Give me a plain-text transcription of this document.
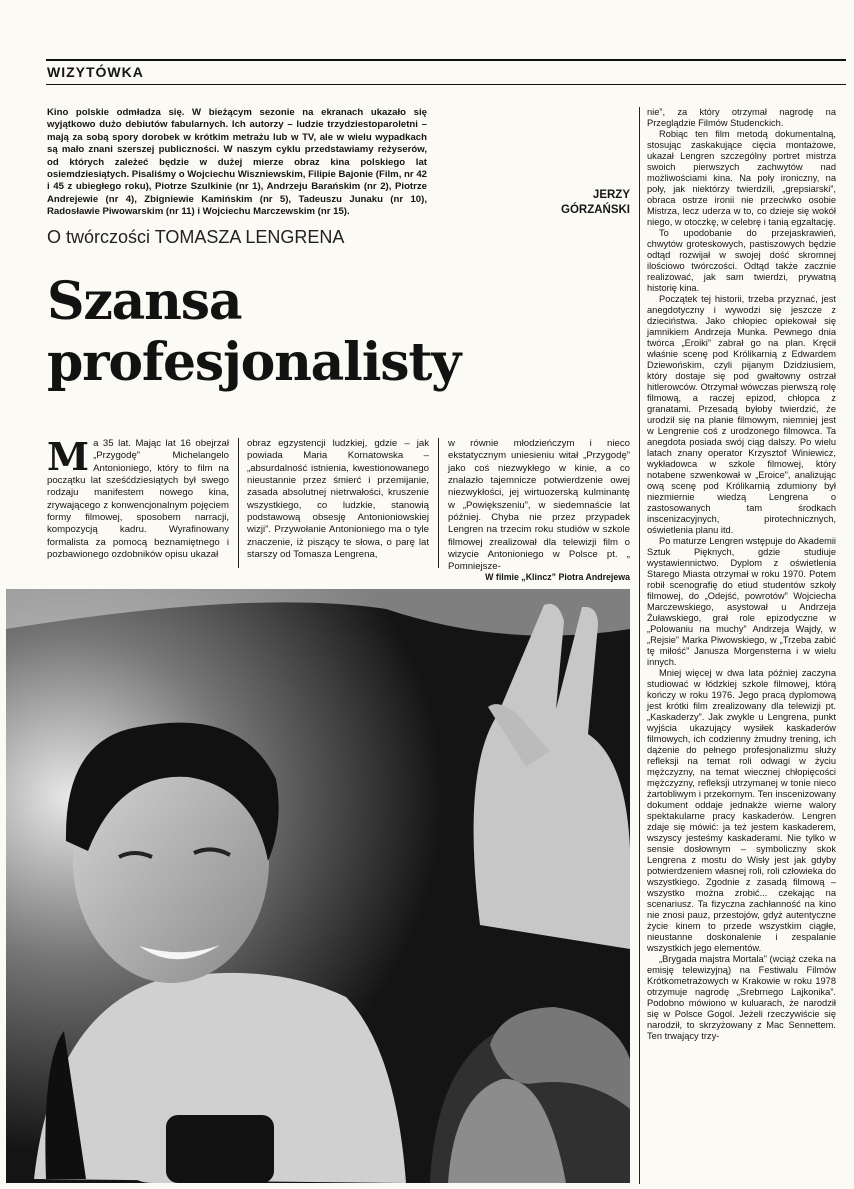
WIZYTÓWKA

Kino polskie odmładza się. W bieżącym sezonie na ekranach ukazało się wyjątkowo dużo debiutów fabularnych. Ich autorzy – ludzie trzydziestoparoletni – mają za sobą spory dorobek w krótkim metrażu lub w TV, ale w wielu wypadkach są mało znani szerszej publiczności. W naszym cyklu przedstawiamy reżyserów, od których zależeć będzie w dużej mierze obraz kina polskiego lat osiemdziesiątych. Pisaliśmy o Wojciechu Wiszniewskim, Filipie Bajonie (Film, nr 42 i 45 z ubiegłego roku), Piotrze Szulkinie (nr 1), Andrzeju Barańskim (nr 2), Piotrze Andrejewie (nr 4), Zbigniewie Kamińskim (nr 5), Tadeuszu Junaku (nr 10), Radosławie Piwowarskim (nr 11) i Wojciechu Marczewskim (nr 15).

JERZY
GÓRZAŃSKI

O twórczości TOMASZA LENGRENA

Szansa
profesjonalisty

Ma 35 lat. Mając lat 16 obejrzał „Przygodę” Michelangelo Antonioniego, który to film na początku lat sześćdziesiątych był swego rodzaju manifestem nowego kina, zrywającego z konwencjonalnym pojęciem formy filmowej, sposobem narracji, kompozycją kadru. Wyrafinowany formalista za pomocą beznamiętnego i pozbawionego ozdobników opisu ukazał

obraz egzystencji ludzkiej, gdzie – jak powiada Maria Kornatowska – „absurdalność istnienia, kwestionowanego nieustannie przez śmierć i przemijanie, zasada absolutnej nietrwałości, kruszenie wszystkiego, co ludzkie, stanowią podstawową obsesję Antonioniowskiej wizji”. Przywołanie Antonioniego ma o tyle znaczenie, iż piszący te słowa, o parę lat starszy od Tomasza Lengrena,

w równie młodzieńczym i nieco ekstatycznym uniesieniu witał „Przygodę” jako coś niezwykłego w kinie, a co znalazło tajemnicze potwierdzenie owej niezwykłości, jej wirtuozerską kulminantę w „Powiększeniu”, w siedemnaście lat później. Chyba nie przez przypadek Lengren na trzecim roku studiów w szkole filmowej zrealizował dla telewizji film o wizycie Antonioniego w Polsce pt. „ Pomniejsze-

W filmie „Klincz” Piotra Andrejewa

nie”, za który otrzymał nagrodę na Przeglądzie Filmów Studenckich.

Robiąc ten film metodą dokumentalną, stosując zaskakujące cięcia montażowe, ukazał Lengren szczególny portret mistrza swoich pierwszych zachwytów nad możliwościami kina. Na poły ironiczny, na poły, jak niektórzy twierdzili, „grepsiarski”, obraca ostrze ironii nie przeciwko osobie Mistrza, lecz uderza w to, co dzieje się wokół niego, w otoczkę, w celebrę i tanią egzaltację.

To upodobanie do przejaskrawień, chwytów groteskowych, pastiszowych będzie odtąd rozwijał w swojej dość skromnej ilościowo twórczości. Odtąd także zacznie realizować, jak sam twierdzi, prywatną historię kina.

Początek tej historii, trzeba przyznać, jest anegdotyczny i wywodzi się jeszcze z dzieciństwa. Jako chłopiec opiekował się jamnikiem Andrzeja Munka. Pewnego dnia twórca „Eroiki” zabrał go na plan. Kręcił właśnie scenę pod Królikarnią z Edwardem Dziewońskim, czyli pijanym Dzidziusiem, który dostaje się pod gwałtowny ostrzał hitlerowców. Otrzymał wówczas pierwszą rolę filmową, a raczej epizod, chłopca z granatami. Przesadą byłoby twierdzić, że urodził się na planie filmowym, niemniej jest w Lengrenie coś z urodzonego filmowca. Ta anegdota posiada swój ciąg dalszy. Po wielu latach znany operator Krzysztof Winiewicz, wykładowca w szkole filmowej, który notabene szwenkował w „Eroice”, analizując ową scenę pod Królikarnią zdumiony był niezmiernie wiedzą Lengrena o zastosowanych tam środkach inscenizacyjnych, pirotechnicznych, oświetlenia planu itd.

Po maturze Lengren wstępuje do Akademii Sztuk Pięknych, gdzie studiuje wystawiennictwo. Dyplom z oświetlenia Starego Miasta otrzymał w roku 1970. Potem robił scenografię do etiud studentów szkoły filmowej, do „Odejść, powrotów” Wojciecha Marczewskiego, asystował u Andrzeja Żuławskiego, grał role epizodyczne w „Polowaniu na muchy” Andrzeja Wajdy, w „Rejsie” Marka Piwowskiego, w „Trzeba zabić tę miłość” Janusza Morgensterna i w wielu innych.

Mniej więcej w dwa lata później zaczyna studiować w łódzkiej szkole filmowej, którą kończy w roku 1976. Jego pracą dyplomową jest krótki film zrealizowany dla telewizji pt. „Kaskaderzy”. Jak zwykle u Lengrena, punkt wyjścia ukazujący wysiłek kaskaderów filmowych, ich codzienny żmudny trening, ich dążenie do pełnego profesjonalizmu służy refleksji na temat roli odwagi w życiu mężczyzny, na temat wiecznej chłopięcości mężczyzny, refleksji utrzymanej w tonie nieco żartobliwym i przekornym. Ten inscenizowany dokument oddaje jednakże wierne walory spektakularne pracy kaskaderów. Lengren zdaje się mówić: ja też jestem kaskaderem, wszyscy jesteśmy kaskaderami. Nie tylko w sensie dosłownym – symboliczny skok Lengrena z mostu do Wisły jest jak gdyby potwierdzeniem własnej roli, roli człowieka do wszystkiego. Zgodnie z zasadą filmową – wszystko można zrobić... czekając na scenariusz. Ta fizyczna zachłanność na kino nie znosi pauz, przestojów, gdyż autentyczne życie kinem to przede wszystkim ciągłe, nieustanne doskonalenie i zespalanie wszystkich jego elementów.

„Brygada majstra Mortala” (wciąż czeka na emisję telewizyjną) na Festiwalu Filmów Krótkometrażowych w Krakowie w roku 1978 otrzymuje nagrodę „Srebrnego Lajkonika”. Podobno mówiono w kuluarach, że narodził się w Polsce Gogol. Jeżeli rzeczywiście się narodził, to skrzyżowany z Mac Sennettem. Ten trwający trzy-
